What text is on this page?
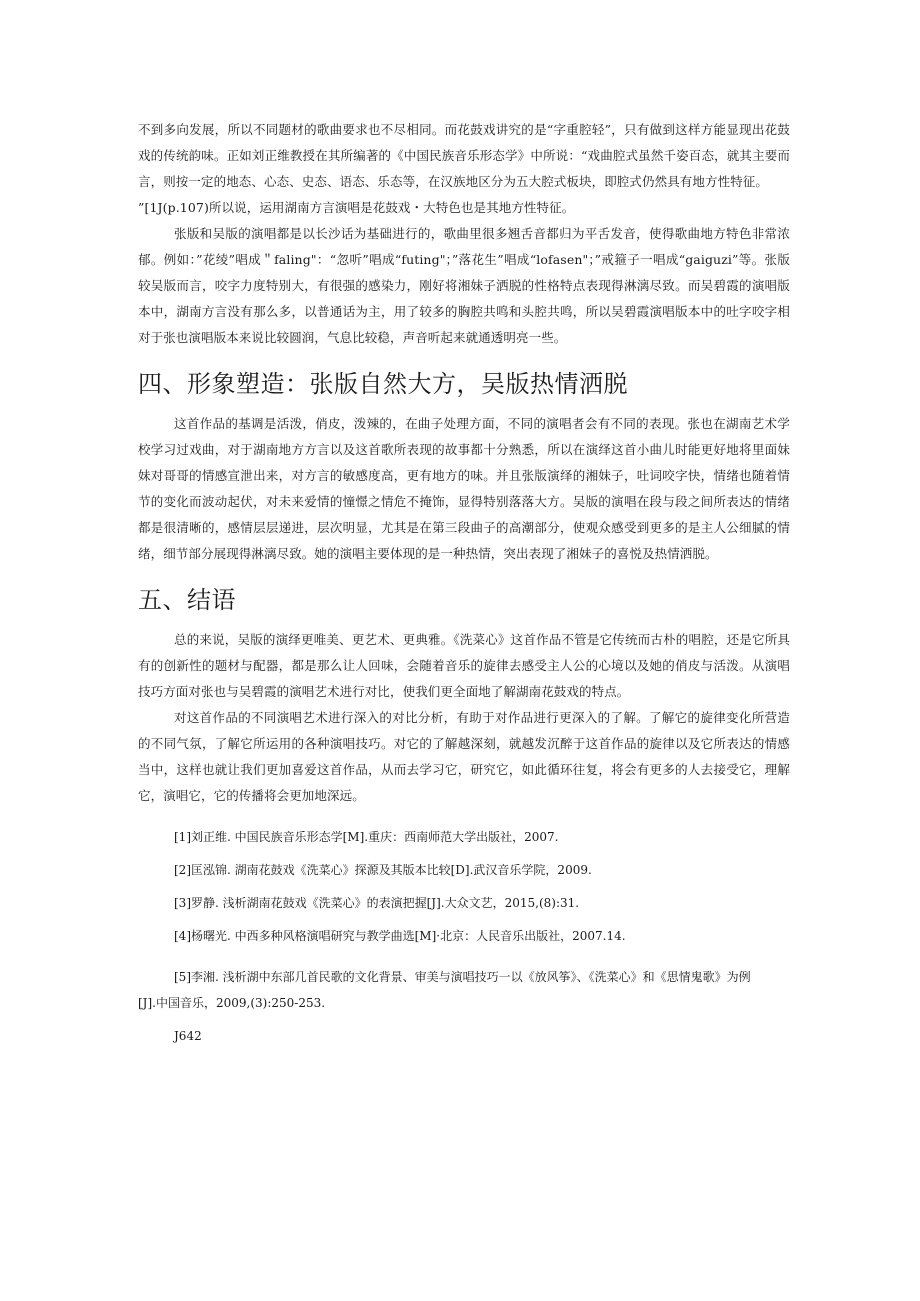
不到多向发展，所以不同题材的歌曲要求也不尽相同。而花鼓戏讲究的是“字重腔轻”，只有做到这样方能显现出花鼓戏的传统韵味。正如刘正维教授在其所编著的《中国民族音乐形态学》中所说：“戏曲腔式虽然千姿百态，就其主要而言，则按一定的地态、心态、史态、语态、乐态等，在汉族地区分为五大腔式板块，即腔式仍然具有地方性特征。

”[1J(p.107)所以说，运用湖南方言演唱是花鼓戏・大特色也是其地方性特征。

张版和吴版的演唱都是以长沙话为基础进行的，歌曲里很多翘舌音都归为平舌发音，使得歌曲地方特色非常浓郁。例如：”花绫”唱成＂faling"：“忽听”唱成“futing"；”落花生”唱成“lofasen"；”戒箍子一唱成“gaiguzi”等。张版较吴版而言，咬字力度特别大，有很强的感染力，刚好将湘妹子洒脱的性格特点表现得淋漓尽致。而吴碧霞的演唱版本中，湖南方言没有那么多，以普通话为主，用了较多的胸腔共鸣和头腔共鸣，所以吴碧霞演唱版本中的吐字咬字相对于张也演唱版本来说比较圆润，气息比较稳，声音听起来就通透明亮一些。

四、形象塑造：张版自然大方，吴版热情洒脱

这首作品的基调是活泼，俏皮，泼辣的，在曲子处理方面，不同的演唱者会有不同的表现。张也在湖南艺术学校学习过戏曲，对于湖南地方方言以及这首歌所表现的故事都十分熟悉，所以在演绎这首小曲儿时能更好地将里面妹妹对哥哥的情感宣泄出来，对方言的敏感度高，更有地方的味。并且张版演绎的湘妹子，吐词咬字快，情绪也随着情节的变化而波动起伏，对未来爱情的憧憬之情危不掩饰，显得特别落落大方。吴版的演唱在段与段之间所表达的情绪都是很清晰的，感情层层递进，层次明显，尤其是在第三段曲子的高潮部分，使观众感受到更多的是主人公细腻的情绪，细节部分展现得淋漓尽致。她的演唱主要体现的是一种热情，突出表现了湘妹子的喜悦及热情洒脱。

五、结语

总的来说，吴版的演绎更唯美、更艺术、更典雅。《洗菜心》这首作品不管是它传统而古朴的唱腔，还是它所具有的创新性的题材与配器，都是那么让人回味，会随着音乐的旋律去感受主人公的心境以及她的俏皮与活泼。从演唱技巧方面对张也与吴碧霞的演唱艺术进行对比，使我们更全面地了解湖南花鼓戏的特点。

对这首作品的不同演唱艺术进行深入的对比分析，有助于对作品进行更深入的了解。了解它的旋律变化所营造的不同气氛，了解它所运用的各种演唱技巧。对它的了解越深刻，就越发沉醉于这首作品的旋律以及它所表达的情感当中，这样也就让我们更加喜爱这首作品，从而去学习它，研究它，如此循环往复，将会有更多的人去接受它，理解它，演唱它，它的传播将会更加地深远。

[1]刘正维. 中国民族音乐形态学[M].重庆：西南师范大学出版社，2007.
[2]匡泓锦. 湖南花鼓戏《洗菜心》探源及其版本比较[D].武汉音乐学院，2009.
[3]罗静. 浅析湖南花鼓戏《洗菜心》的表演把握[J].大众文艺，2015,(8):31.
[4]杨曙光. 中西多种风格演唱研究与教学曲选[M]·北京：人民音乐出版社，2007.14.
[5]李湘. 浅析湖中东部几首民歌的文化背景、审美与演唱技巧一以《放风筝》、《洗菜心》和《思情鬼歌》为例
[J].中国音乐，2009,(3):250-253.
J642
